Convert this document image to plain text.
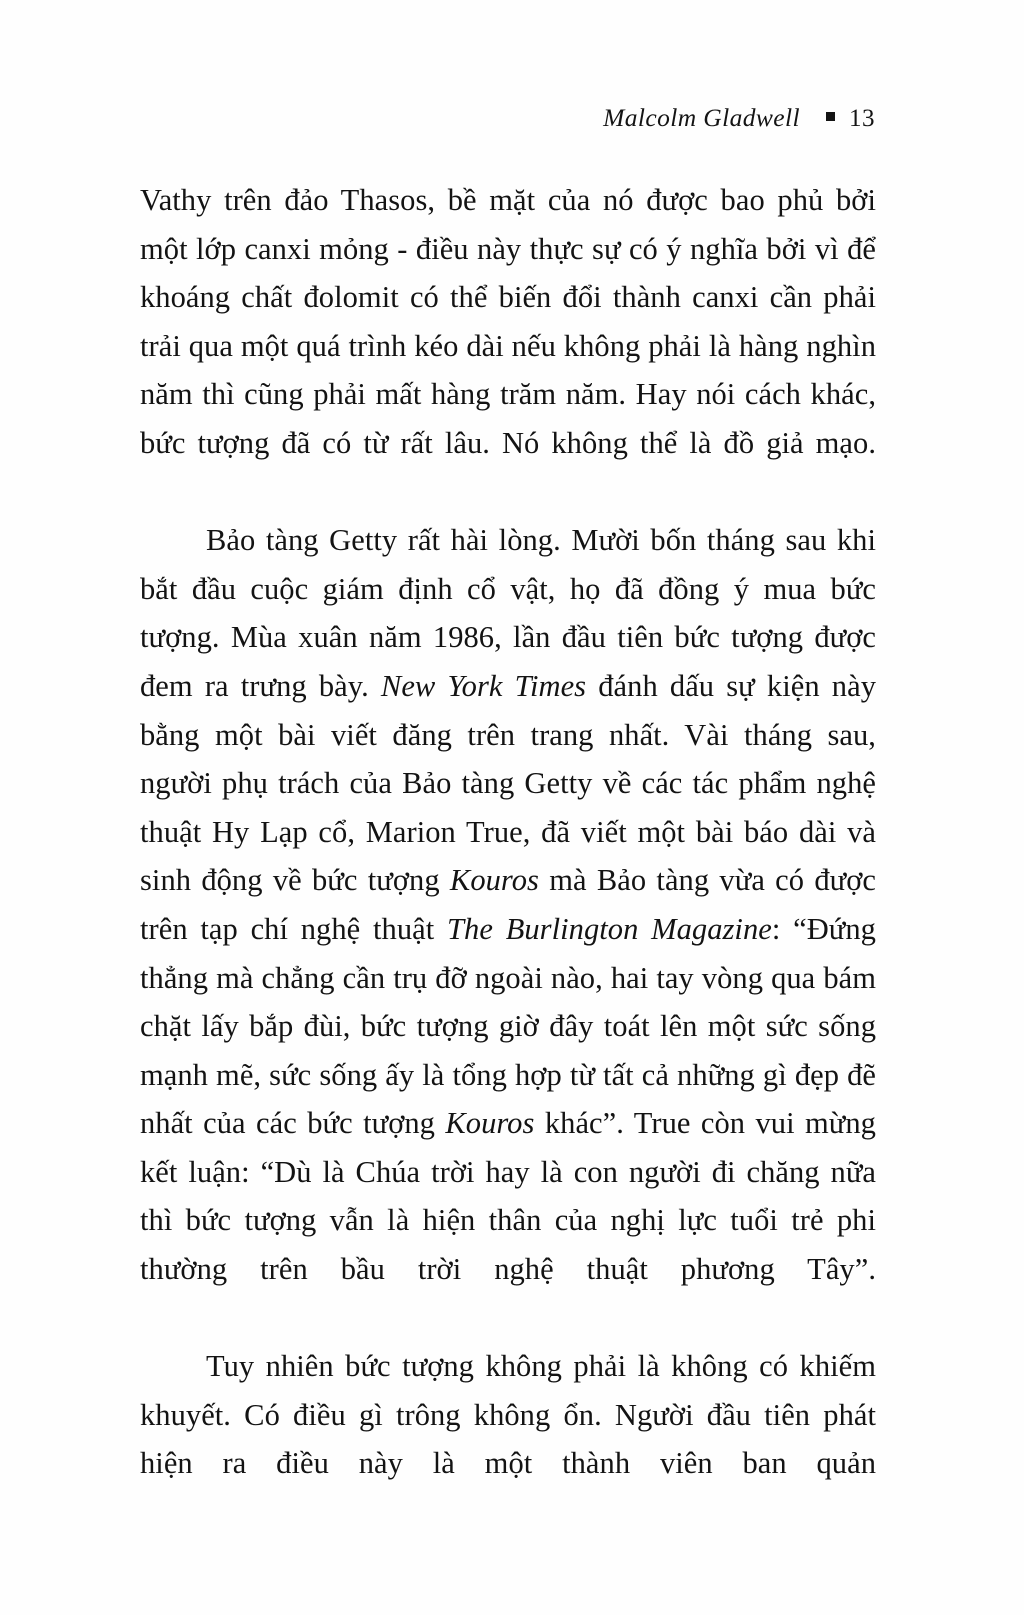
Malcolm Gladwell 13

Vathy trên đảo Thasos, bề mặt của nó được bao phủ bởi một lớp canxi mỏng - điều này thực sự có ý nghĩa bởi vì để khoáng chất đolomit có thể biến đổi thành canxi cần phải trải qua một quá trình kéo dài nếu không phải là hàng nghìn năm thì cũng phải mất hàng trăm năm. Hay nói cách khác, bức tượng đã có từ rất lâu. Nó không thể là đồ giả mạo.

Bảo tàng Getty rất hài lòng. Mười bốn tháng sau khi bắt đầu cuộc giám định cổ vật, họ đã đồng ý mua bức tượng. Mùa xuân năm 1986, lần đầu tiên bức tượng được đem ra trưng bày. New York Times đánh dấu sự kiện này bằng một bài viết đăng trên trang nhất. Vài tháng sau, người phụ trách của Bảo tàng Getty về các tác phẩm nghệ thuật Hy Lạp cổ, Marion True, đã viết một bài báo dài và sinh động về bức tượng Kouros mà Bảo tàng vừa có được trên tạp chí nghệ thuật The Burlington Magazine: “Đứng thẳng mà chẳng cần trụ đỡ ngoài nào, hai tay vòng qua bám chặt lấy bắp đùi, bức tượng giờ đây toát lên một sức sống mạnh mẽ, sức sống ấy là tổng hợp từ tất cả những gì đẹp đẽ nhất của các bức tượng Kouros khác”. True còn vui mừng kết luận: “Dù là Chúa trời hay là con người đi chăng nữa thì bức tượng vẫn là hiện thân của nghị lực tuổi trẻ phi thường trên bầu trời nghệ thuật phương Tây”.

Tuy nhiên bức tượng không phải là không có khiếm khuyết. Có điều gì trông không ổn. Người đầu tiên phát hiện ra điều này là một thành viên ban quản
